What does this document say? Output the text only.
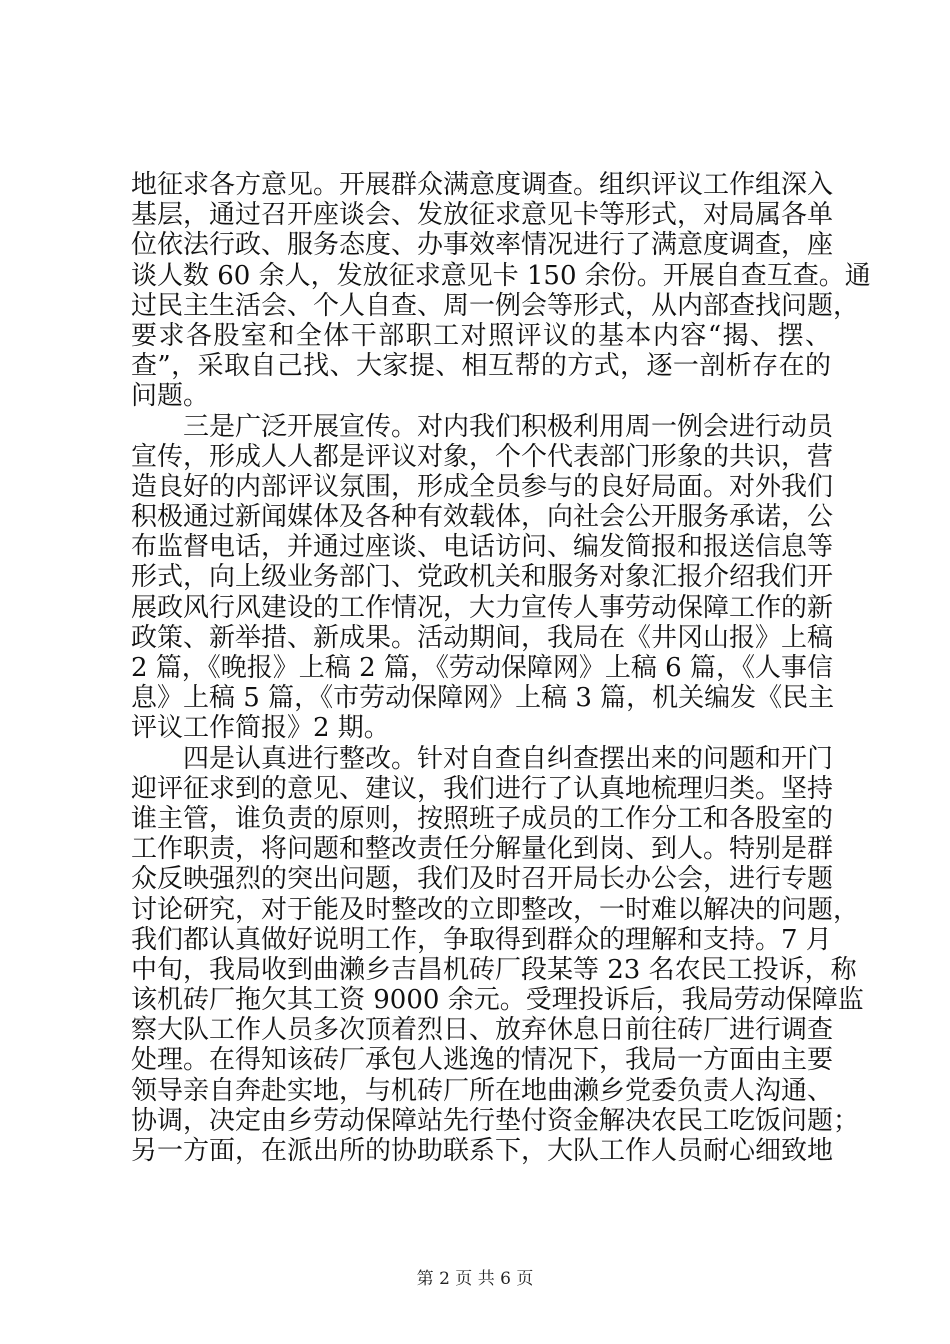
地征求各方意见。开展群众满意度调查。组织评议工作组深入
基层，通过召开座谈会、发放征求意见卡等形式，对局属各单
位依法行政、服务态度、办事效率情况进行了满意度调查，座
谈人数 60 余人，发放征求意见卡 150 余份。开展自查互查。通
过民主生活会、个人自查、周一例会等形式，从内部查找问题，
要求各股室和全体干部职工对照评议的基本内容“揭、摆、
查”，采取自己找、大家提、相互帮的方式，逐一剖析存在的
问题。
　　三是广泛开展宣传。对内我们积极利用周一例会进行动员
宣传，形成人人都是评议对象，个个代表部门形象的共识，营
造良好的内部评议氛围，形成全员参与的良好局面。对外我们
积极通过新闻媒体及各种有效载体，向社会公开服务承诺，公
布监督电话，并通过座谈、电话访问、编发简报和报送信息等
形式，向上级业务部门、党政机关和服务对象汇报介绍我们开
展政风行风建设的工作情况，大力宣传人事劳动保障工作的新
政策、新举措、新成果。活动期间，我局在《井冈山报》上稿
2 篇，《晚报》上稿 2 篇，《劳动保障网》上稿 6 篇，《人事信
息》上稿 5 篇，《市劳动保障网》上稿 3 篇，机关编发《民主
评议工作简报》2 期。
　　四是认真进行整改。针对自查自纠查摆出来的问题和开门
迎评征求到的意见、建议，我们进行了认真地梳理归类。坚持
谁主管，谁负责的原则，按照班子成员的工作分工和各股室的
工作职责，将问题和整改责任分解量化到岗、到人。特别是群
众反映强烈的突出问题，我们及时召开局长办公会，进行专题
讨论研究，对于能及时整改的立即整改，一时难以解决的问题，
我们都认真做好说明工作，争取得到群众的理解和支持。7 月
中旬，我局收到曲濑乡吉昌机砖厂段某等 23 名农民工投诉，称
该机砖厂拖欠其工资 9000 余元。受理投诉后，我局劳动保障监
察大队工作人员多次顶着烈日、放弃休息日前往砖厂进行调查
处理。在得知该砖厂承包人逃逸的情况下，我局一方面由主要
领导亲自奔赴实地，与机砖厂所在地曲濑乡党委负责人沟通、
协调，决定由乡劳动保障站先行垫付资金解决农民工吃饭问题；
另一方面，在派出所的协助联系下，大队工作人员耐心细致地
第 2 页 共 6 页
